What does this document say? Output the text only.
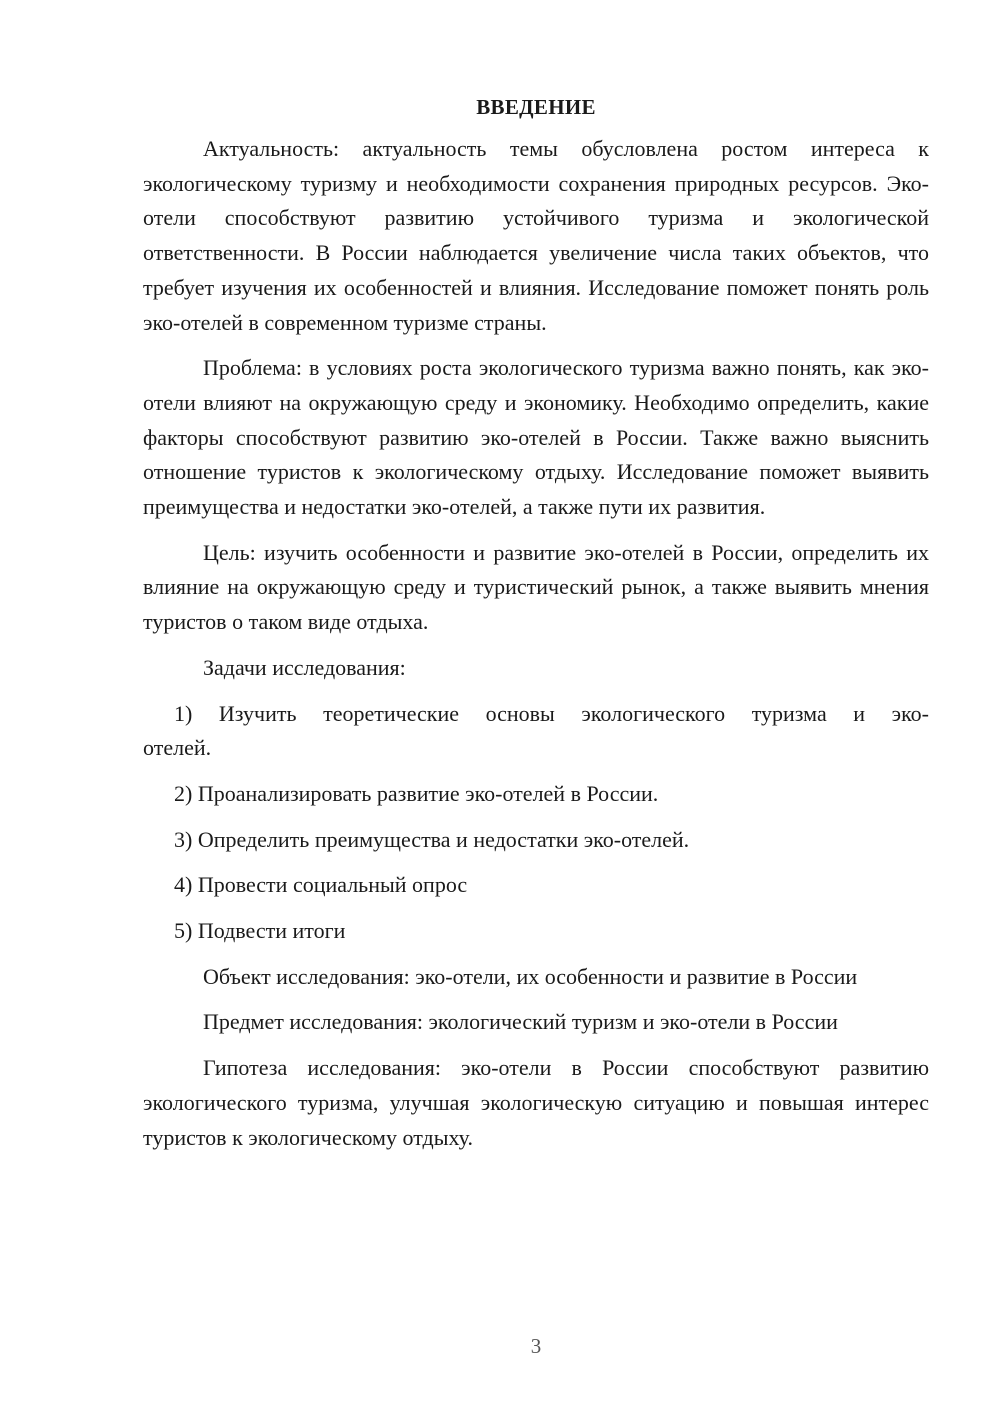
ВВЕДЕНИЕ

Актуальность: актуальность темы обусловлена ростом интереса к экологическому туризму и необходимости сохранения природных ресурсов. Эко-отели способствуют развитию устойчивого туризма и экологической ответственности. В России наблюдается увеличение числа таких объектов, что требует изучения их особенностей и влияния. Исследование поможет понять роль эко-отелей в современном туризме страны.

Проблема: в условиях роста экологического туризма важно понять, как эко-отели влияют на окружающую среду и экономику. Необходимо определить, какие факторы способствуют развитию эко-отелей в России. Также важно выяснить отношение туристов к экологическому отдыху. Исследование поможет выявить преимущества и недостатки эко-отелей, а также пути их развития.

Цель: изучить особенности и развитие эко-отелей в России, определить их влияние на окружающую среду и туристический рынок, а также выявить мнения туристов о таком виде отдыха.

Задачи исследования:

1) Изучить теоретические основы экологического туризма и эко-отелей.

2) Проанализировать развитие эко-отелей в России.

3) Определить преимущества и недостатки эко-отелей.

4) Провести социальный опрос

5) Подвести итоги

Объект исследования: эко-отели, их особенности и развитие в России

Предмет исследования: экологический туризм и эко-отели в России

Гипотеза исследования: эко-отели в России способствуют развитию экологического туризма, улучшая экологическую ситуацию и повышая интерес туристов к экологическому отдыху.

3
